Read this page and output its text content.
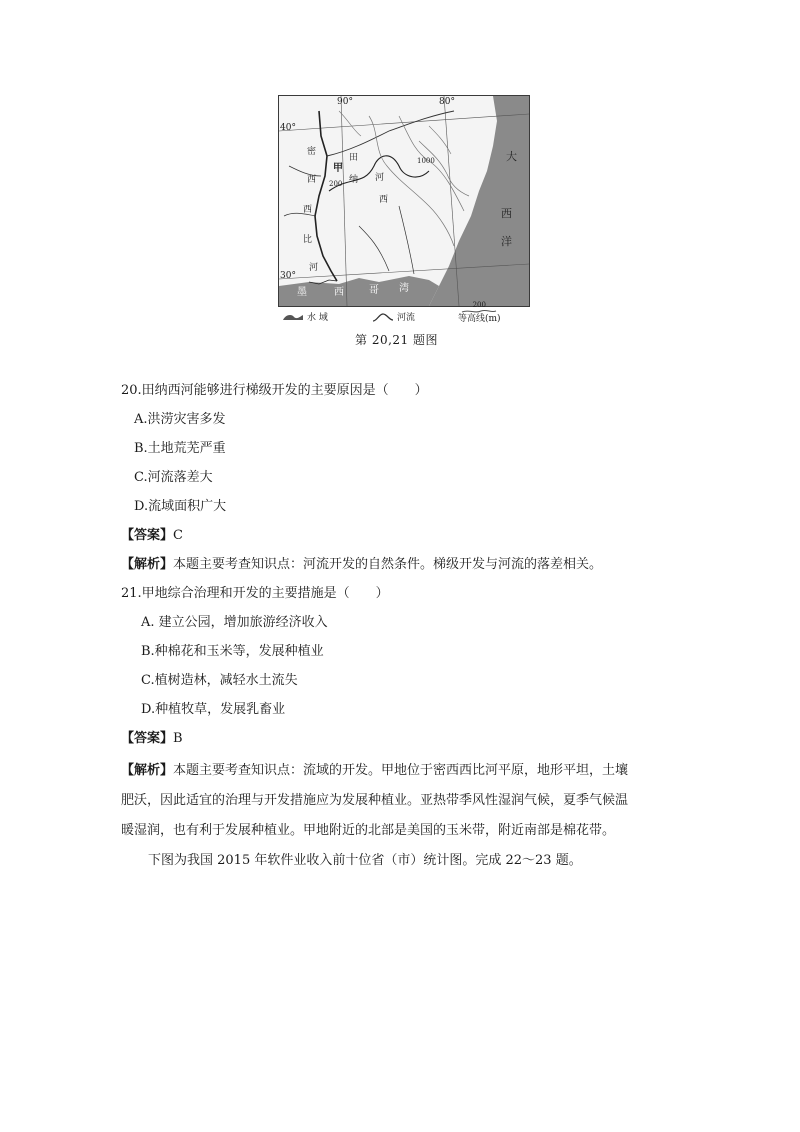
90°	80°
40°
30°
大
西
洋
墨	西	哥 湾
密
西
西
比
河
甲
田
纳
西
河
200
1000
水 域	河流
200
等高线(m)
第 20,21 题图
20.田纳西河能够进行梯级开发的主要原因是（　　）
A.洪涝灾害多发
B.土地荒芜严重
C.河流落差大
D.流域面积广大
【答案】C
【解析】本题主要考查知识点：河流开发的自然条件。梯级开发与河流的落差相关。
21.甲地综合治理和开发的主要措施是（　　）
A. 建立公园，增加旅游经济收入
B.种棉花和玉米等，发展种植业
C.植树造林，减轻水土流失
D.种植牧草，发展乳畜业
【答案】B
【解析】本题主要考查知识点：流域的开发。甲地位于密西西比河平原，地形平坦，土壤
肥沃，因此适宜的治理与开发措施应为发展种植业。亚热带季风性湿润气候，夏季气候温
暖湿润，也有利于发展种植业。甲地附近的北部是美国的玉米带，附近南部是棉花带。
下图为我国 2015 年软件业收入前十位省（市）统计图。完成 22～23 题。
